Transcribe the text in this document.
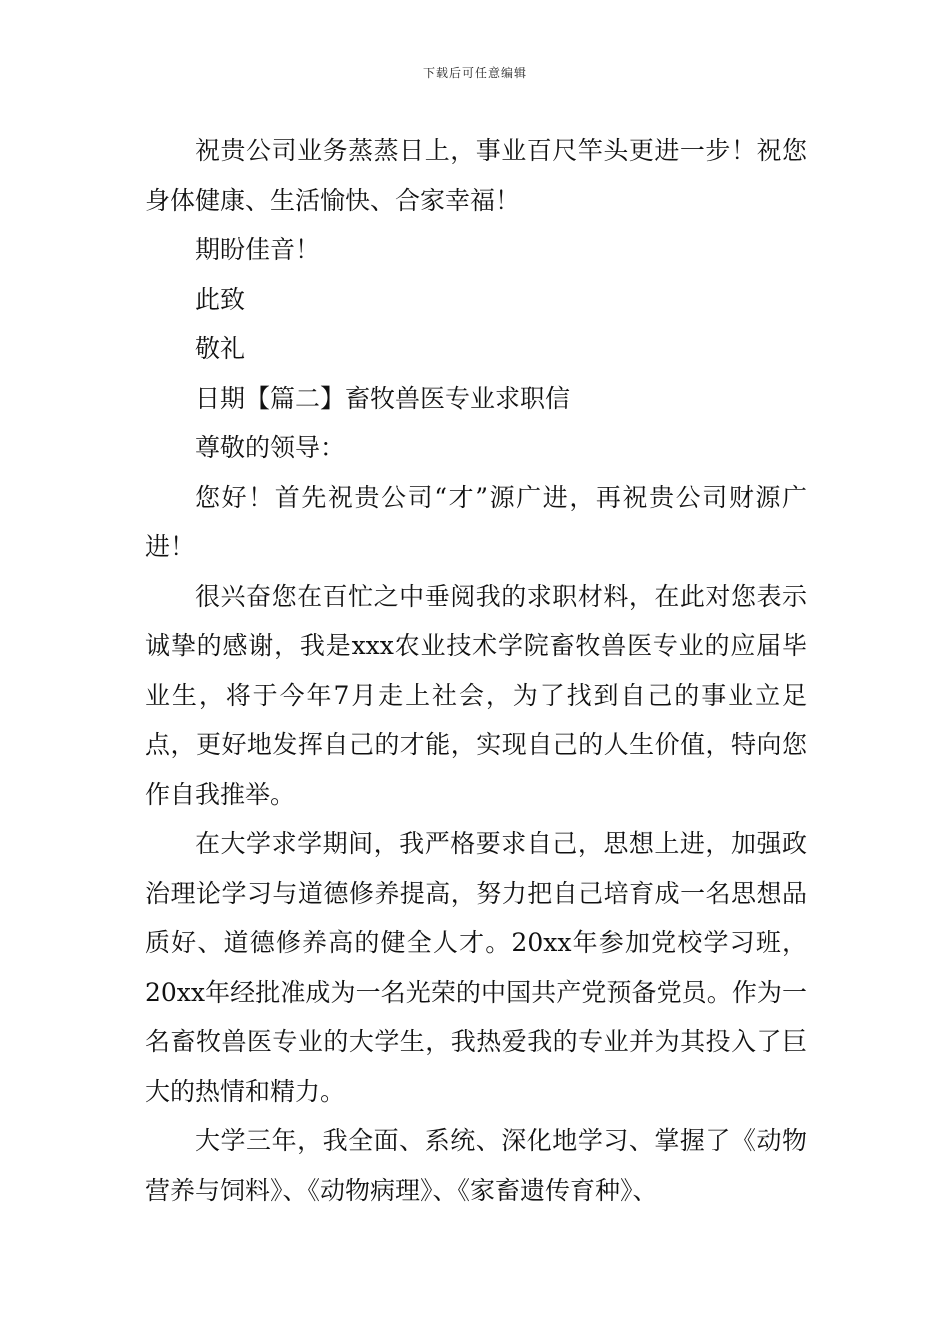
下载后可任意编辑

祝贵公司业务蒸蒸日上，事业百尺竿头更进一步！祝您身体健康、生活愉快、合家幸福！

期盼佳音！

此致

敬礼

日期【篇二】畜牧兽医专业求职信

尊敬的领导：

您好！首先祝贵公司“才”源广进，再祝贵公司财源广进！

很兴奋您在百忙之中垂阅我的求职材料，在此对您表示诚挚的感谢，我是xxx农业技术学院畜牧兽医专业的应届毕业生，将于今年7月走上社会，为了找到自己的事业立足点，更好地发挥自己的才能，实现自己的人生价值，特向您作自我推举。

在大学求学期间，我严格要求自己，思想上进，加强政治理论学习与道德修养提高，努力把自己培育成一名思想品质好、道德修养高的健全人才。20xx年参加党校学习班，20xx年经批准成为一名光荣的中国共产党预备党员。作为一名畜牧兽医专业的大学生，我热爱我的专业并为其投入了巨大的热情和精力。

大学三年，我全面、系统、深化地学习、掌握了《动物营养与饲料》、《动物病理》、《家畜遗传育种》、
